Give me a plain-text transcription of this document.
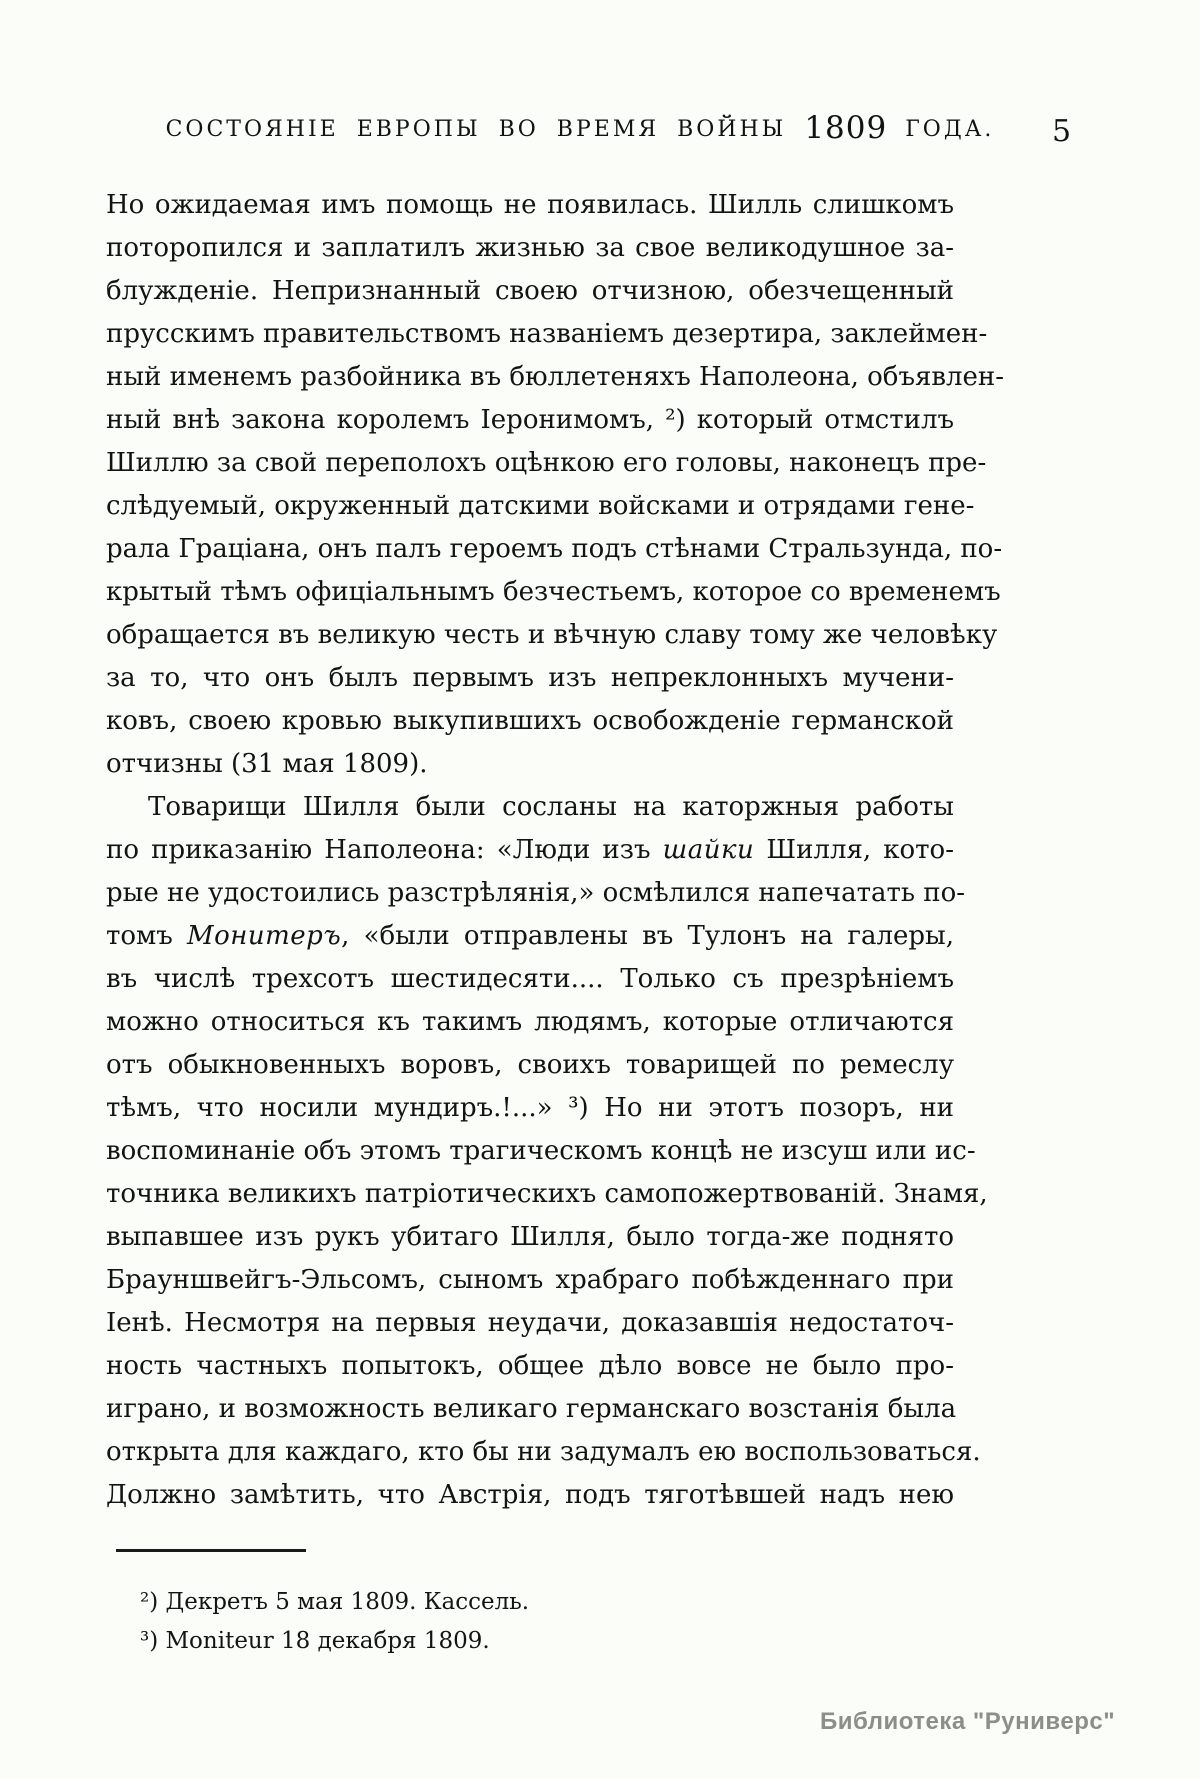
СОСТОЯНІЕ ЕВРОПЫ ВО ВРЕМЯ ВОЙНЫ 1809 ГОДА.	5
Но ожидаемая имъ помощь не появилась. Шилль слишкомъ
поторопился и заплатилъ жизнью за свое великодушное за-
блужденіе. Непризнанный своею отчизною, обезчещенный
прусскимъ правительствомъ названіемъ дезертира, заклеймен-
ный именемъ разбойника въ бюллетеняхъ Наполеона, объявлен-
ный внѣ закона королемъ Іеронимомъ, ²) который отмстилъ
Шиллю за свой переполохъ оцѣнкою его головы, наконецъ пре-
слѣдуемый, окруженный датскими войсками и отрядами гене-
рала Граціана, онъ палъ героемъ подъ стѣнами Стральзунда, по-
крытый тѣмъ офиціальнымъ безчестьемъ, которое со временемъ
обращается въ великую честь и вѣчную славу тому же человѣку
за то, что онъ былъ первымъ изъ непреклонныхъ мучени-
ковъ, своею кровью выкупившихъ освобожденіе германской
отчизны (31 мая 1809).
Товарищи Шилля были сосланы на каторжныя работы
по приказанію Наполеона: «Люди изъ шайки Шилля, кото-
рые не удостоились разстрѣлянія,» осмѣлился напечатать по-
томъ Монитеръ, «были отправлены въ Тулонъ на галеры,
въ числѣ трехсотъ шестидесяти.... Только съ презрѣніемъ
можно относиться къ такимъ людямъ, которые отличаются
отъ обыкновенныхъ воровъ, своихъ товарищей по ремеслу
тѣмъ, что носили мундиръ.!...» ³) Но ни этотъ позоръ, ни
воспоминаніе объ этомъ трагическомъ концѣ не изсуш или ис-
точника великихъ патріотическихъ самопожертвованій. Знамя,
выпавшее изъ рукъ убитаго Шилля, было тогда-же поднято
Брауншвейгъ-Эльсомъ, сыномъ храбраго побѣжденнаго при
Іенѣ. Несмотря на первыя неудачи, доказавшія недостаточ-
ность частныхъ попытокъ, общее дѣло вовсе не было про-
играно, и возможность великаго германскаго возстанія была
открыта для каждаго, кто бы ни задумалъ ею воспользоваться.
Должно замѣтить, что Австрія, подъ тяготѣвшей надъ нею
²) Декретъ 5 мая 1809. Кассель.
³) Moniteur 18 декабря 1809.
Библиотека "Руниверс"
